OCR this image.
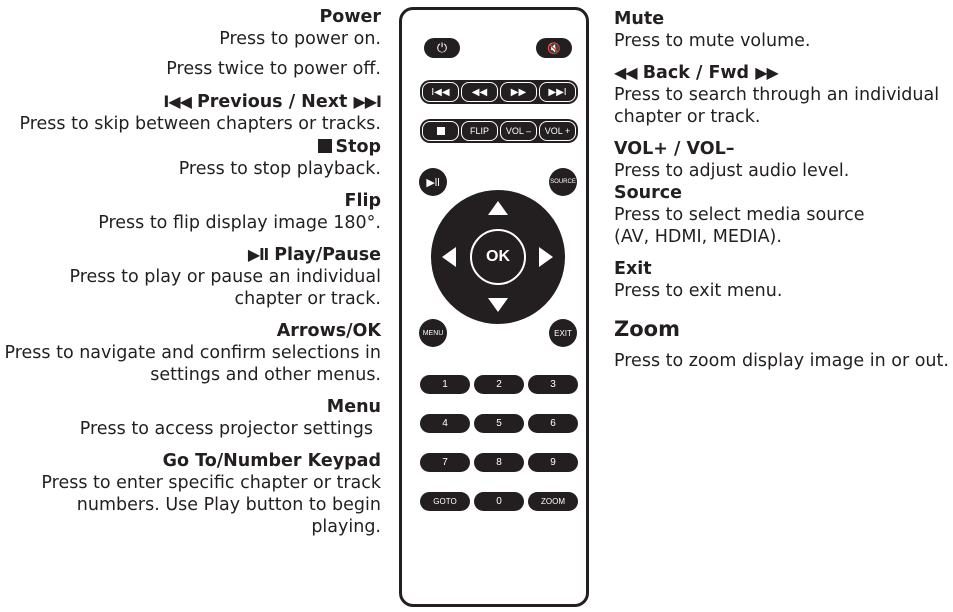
Power
Press to power on.
Press twice to power off.
I◀◀ Previous / Next ▶▶I
Press to skip between chapters or tracks.
Stop
Press to stop playback.
Flip
Press to flip display image 180°.
▶ll Play/Pause
Press to play or pause an individual
chapter or track.
Arrows/OK
Press to navigate and confirm selections in
settings and other menus.
Menu
Press to access projector settings
Go To/Number Keypad
Press to enter specific chapter or track
numbers. Use Play button to begin
playing.
Mute
Press to mute volume.
◀◀ Back / Fwd ▶▶
Press to search through an individual
chapter or track.
VOL+ / VOL–
Press to adjust audio level.
Source
Press to select media source
(AV, HDMI, MEDIA).
Exit
Press to exit menu.
Zoom
Press to zoom display image in or out.
⏻	🔇
I◀◀	◀◀	▶▶	▶▶I
FLIP	VOL –	VOL +
▶ll	SOURCE
OK
MENU	EXIT
1	2	3
4	5	6
7	8	9
GOTO	0	ZOOM
